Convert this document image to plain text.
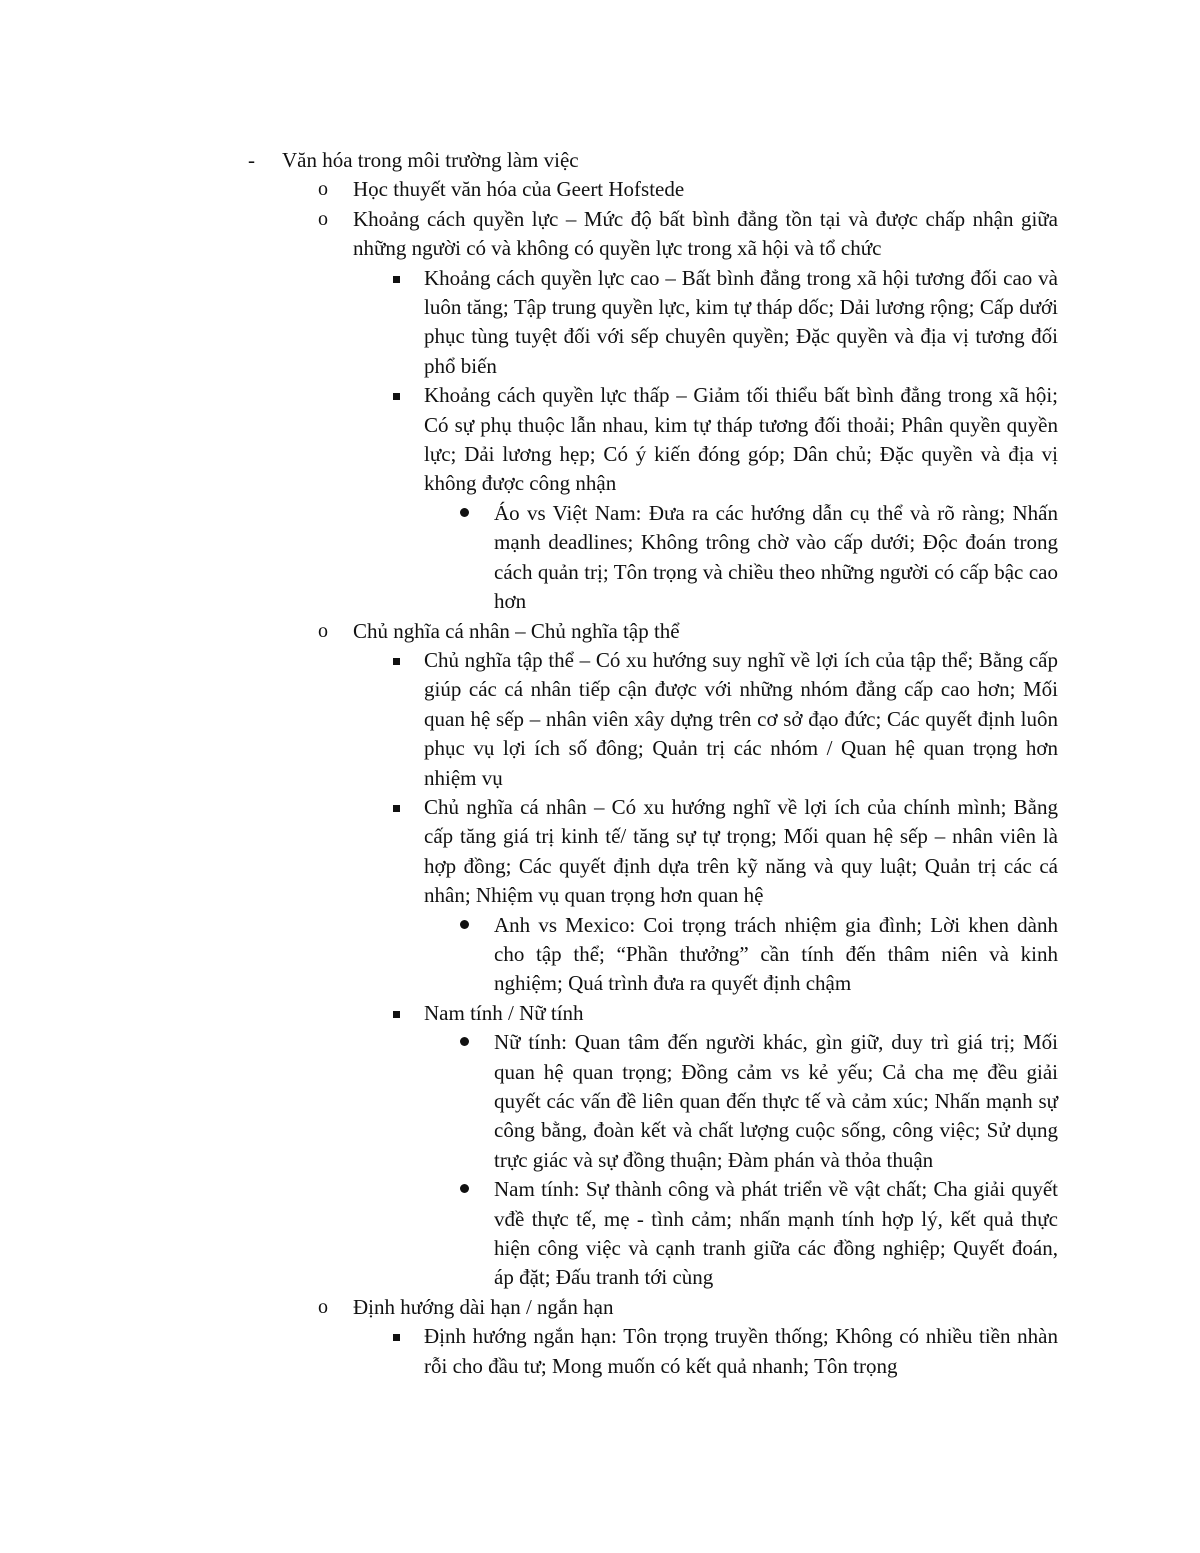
- Văn hóa trong môi trường làm việc
o Học thuyết văn hóa của Geert Hofstede
o Khoảng cách quyền lực – Mức độ bất bình đẳng tồn tại và được chấp nhận giữa những người có và không có quyền lực trong xã hội và tổ chức
Khoảng cách quyền lực cao – Bất bình đẳng trong xã hội tương đối cao và luôn tăng; Tập trung quyền lực, kim tự tháp dốc; Dải lương rộng; Cấp dưới phục tùng tuyệt đối với sếp chuyên quyền; Đặc quyền và địa vị tương đối phổ biến
Khoảng cách quyền lực thấp – Giảm tối thiểu bất bình đẳng trong xã hội; Có sự phụ thuộc lẫn nhau, kim tự tháp tương đối thoải; Phân quyền quyền lực; Dải lương hẹp; Có ý kiến đóng góp; Dân chủ; Đặc quyền và địa vị không được công nhận
Áo vs Việt Nam: Đưa ra các hướng dẫn cụ thể và rõ ràng; Nhấn mạnh deadlines; Không trông chờ vào cấp dưới; Độc đoán trong cách quản trị; Tôn trọng và chiều theo những người có cấp bậc cao hơn
o Chủ nghĩa cá nhân – Chủ nghĩa tập thể
Chủ nghĩa tập thể – Có xu hướng suy nghĩ về lợi ích của tập thể; Bằng cấp giúp các cá nhân tiếp cận được với những nhóm đẳng cấp cao hơn; Mối quan hệ sếp – nhân viên xây dựng trên cơ sở đạo đức; Các quyết định luôn phục vụ lợi ích số đông; Quản trị các nhóm / Quan hệ quan trọng hơn nhiệm vụ
Chủ nghĩa cá nhân – Có xu hướng nghĩ về lợi ích của chính mình; Bằng cấp tăng giá trị kinh tế/ tăng sự tự trọng; Mối quan hệ sếp – nhân viên là hợp đồng; Các quyết định dựa trên kỹ năng và quy luật; Quản trị các cá nhân; Nhiệm vụ quan trọng hơn quan hệ
Anh vs Mexico: Coi trọng trách nhiệm gia đình; Lời khen dành cho tập thể; “Phần thưởng” cần tính đến thâm niên và kinh nghiệm; Quá trình đưa ra quyết định chậm
Nam tính / Nữ tính
Nữ tính: Quan tâm đến người khác, gìn giữ, duy trì giá trị; Mối quan hệ quan trọng; Đồng cảm vs kẻ yếu; Cả cha mẹ đều giải quyết các vấn đề liên quan đến thực tế và cảm xúc; Nhấn mạnh sự công bằng, đoàn kết và chất lượng cuộc sống, công việc; Sử dụng trực giác và sự đồng thuận; Đàm phán và thỏa thuận
Nam tính: Sự thành công và phát triển về vật chất; Cha giải quyết vđề thực tế, mẹ - tình cảm; nhấn mạnh tính hợp lý, kết quả thực hiện công việc và cạnh tranh giữa các đồng nghiệp; Quyết đoán, áp đặt; Đấu tranh tới cùng
o Định hướng dài hạn / ngắn hạn
Định hướng ngắn hạn: Tôn trọng truyền thống; Không có nhiều tiền nhàn rỗi cho đầu tư; Mong muốn có kết quả nhanh; Tôn trọng
